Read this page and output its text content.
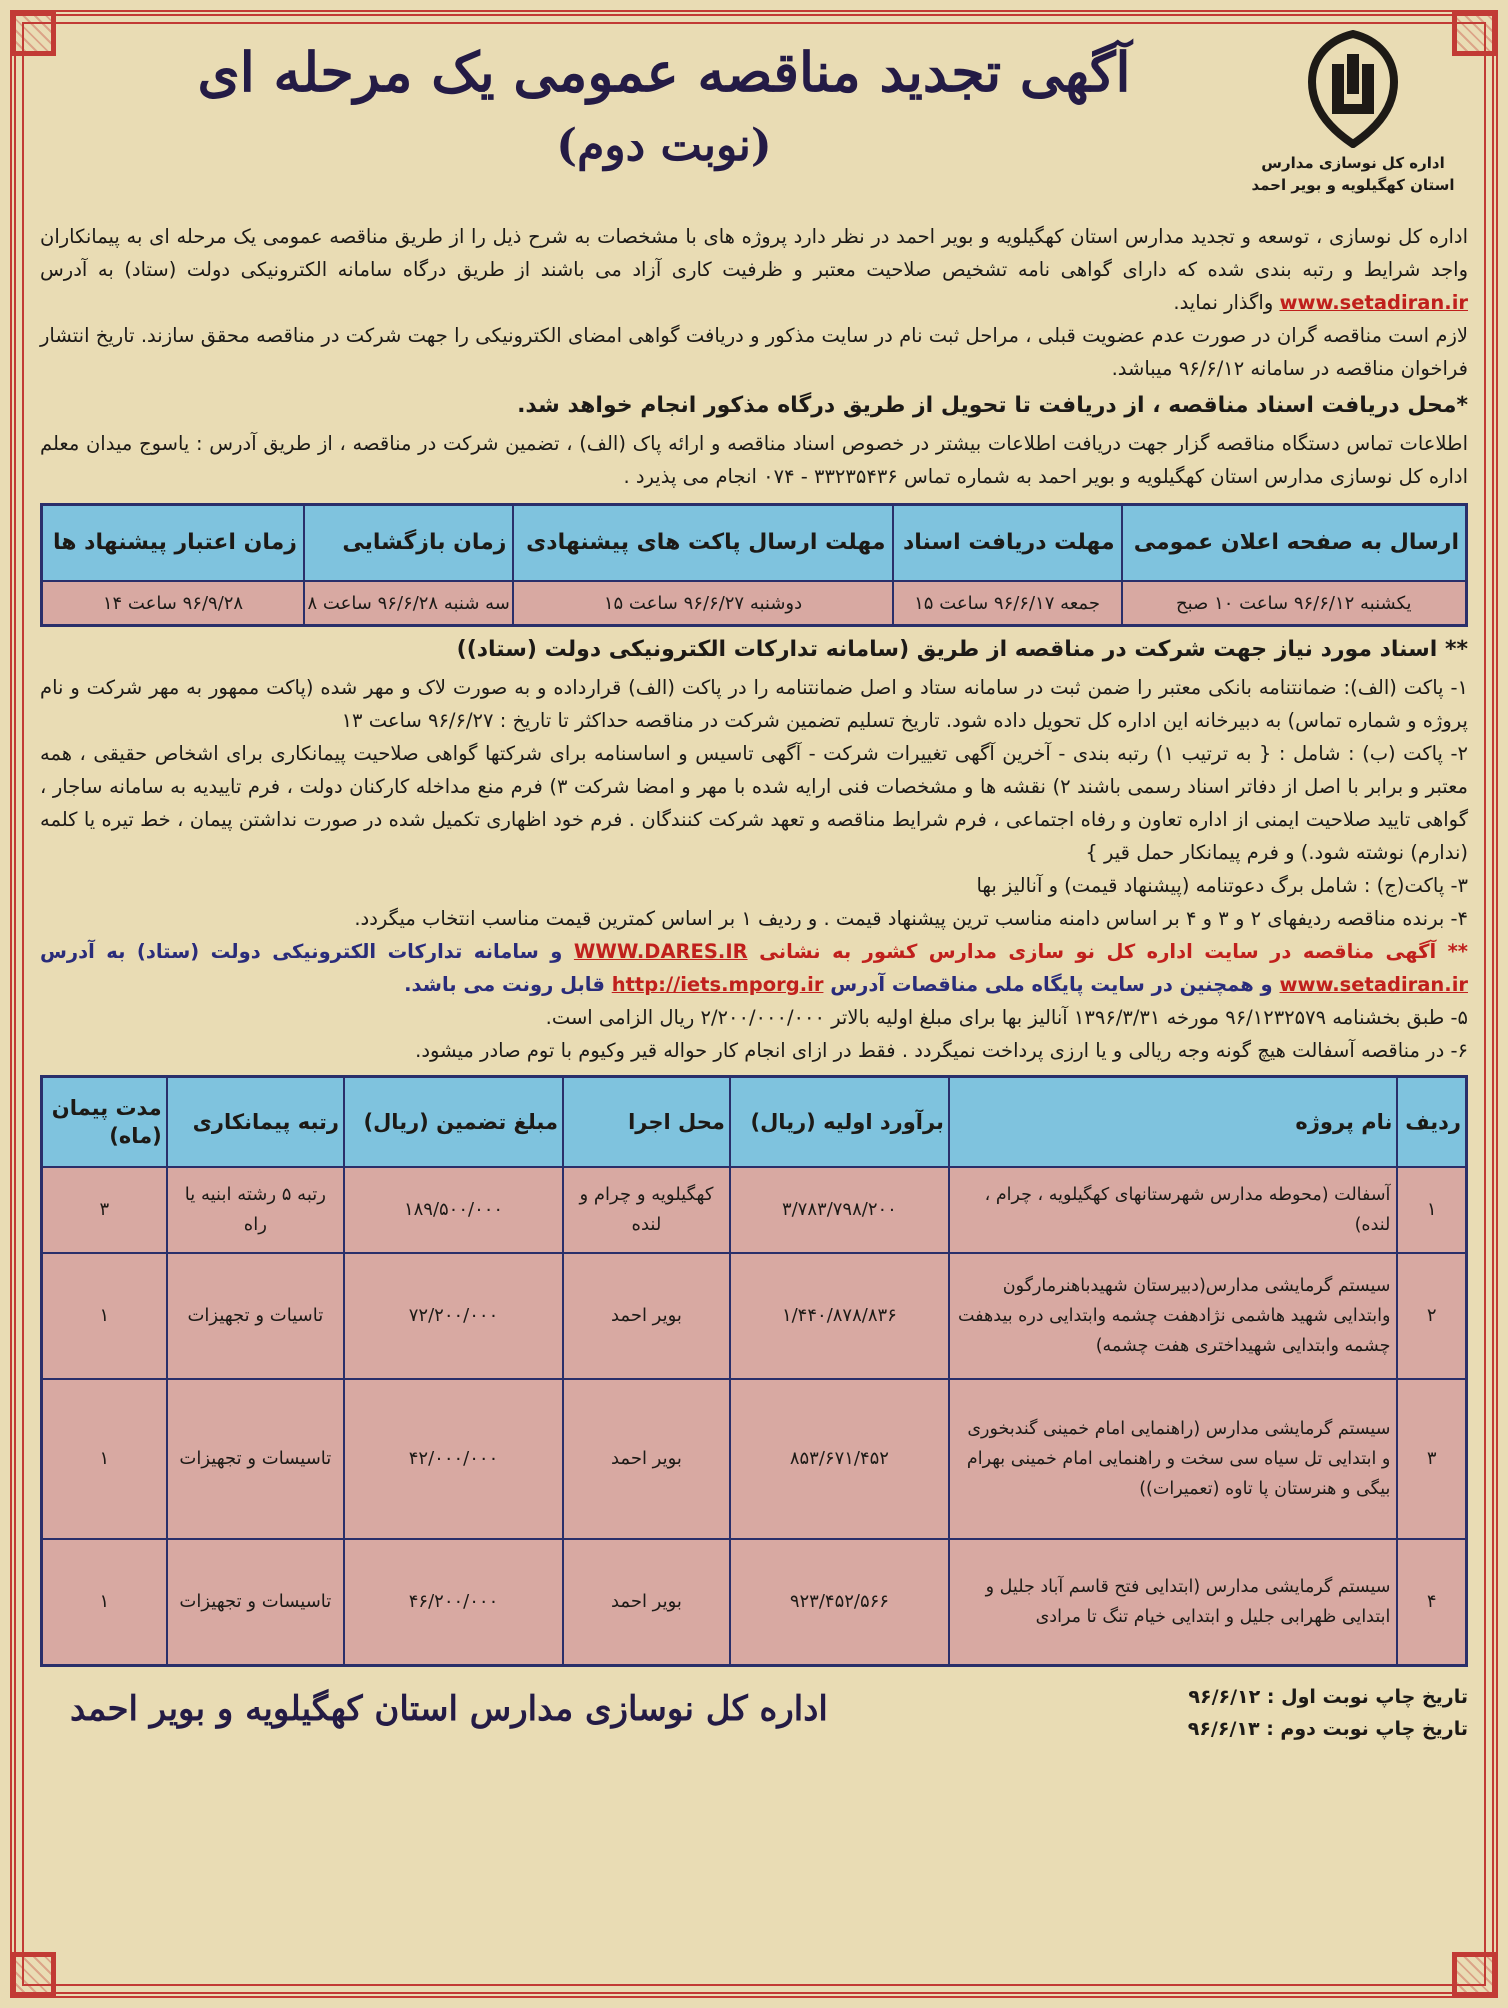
اداره کل نوسازی مدارس
استان کهگیلویه و بویر احمد
آگهی تجدید مناقصه عمومی یک مرحله ای
(نوبت دوم)

اداره کل نوسازی ، توسعه و تجدید مدارس استان کهگیلویه و بویر احمد در نظر دارد پروژه های با مشخصات به شرح ذیل را از طریق مناقصه عمومی یک مرحله ای به پیمانکاران واجد شرایط و رتبه بندی شده که دارای گواهی نامه تشخیص صلاحیت معتبر و ظرفیت کاری آزاد می باشند از طریق درگاه سامانه الکترونیکی دولت (ستاد) به آدرس www.setadiran.ir واگذار نماید.

لازم است مناقصه گران در صورت عدم عضویت قبلی ، مراحل ثبت نام در سایت مذکور و دریافت گواهی امضای الکترونیکی را جهت شرکت در مناقصه محقق سازند. تاریخ انتشار فراخوان مناقصه در سامانه ۹۶/۶/۱۲ میباشد.

*محل دریافت اسناد مناقصه ، از دریافت تا تحویل از طریق درگاه مذکور انجام خواهد شد.

اطلاعات تماس دستگاه مناقصه گزار جهت دریافت اطلاعات بیشتر در خصوص اسناد مناقصه و ارائه پاک (الف) ، تضمین شرکت در مناقصه ، از طریق آدرس : یاسوج میدان معلم اداره کل نوسازی مدارس استان کهگیلویه و بویر احمد به شماره تماس ۳۳۲۳۵۴۳۶ - ۰۷۴ انجام می پذیرد .

ارسال به صفحه اعلان عمومی	مهلت دریافت اسناد	مهلت ارسال پاکت های پیشنهادی	زمان بازگشایی	زمان اعتبار پیشنهاد ها
یکشنبه ۹۶/۶/۱۲ ساعت ۱۰ صبح	جمعه ۹۶/۶/۱۷ ساعت ۱۵	دوشنبه ۹۶/۶/۲۷ ساعت ۱۵	سه شنبه ۹۶/۶/۲۸ ساعت ۸	۹۶/۹/۲۸ ساعت ۱۴
** اسناد مورد نیاز جهت شرکت در مناقصه از طریق (سامانه تدارکات الکترونیکی دولت (ستاد))

۱- پاکت (الف): ضمانتنامه بانکی معتبر را ضمن ثبت در سامانه ستاد و اصل ضمانتنامه را در پاکت (الف) قرارداده و به صورت لاک و مهر شده (پاکت ممهور به مهر شرکت و نام پروژه و شماره تماس) به دبیرخانه این اداره کل تحویل داده شود. تاریخ تسلیم تضمین شرکت در مناقصه حداکثر تا تاریخ : ۹۶/۶/۲۷ ساعت ۱۳

۲- پاکت (ب) : شامل : { به ترتیب ۱) رتبه بندی - آخرین آگهی تغییرات شرکت - آگهی تاسیس و اساسنامه برای شرکتها گواهی صلاحیت پیمانکاری برای اشخاص حقیقی ، همه معتبر و برابر با اصل از دفاتر اسناد رسمی باشند ۲) نقشه ها و مشخصات فنی ارایه شده با مهر و امضا شرکت ۳) فرم منع مداخله کارکنان دولت ، فرم تاییدیه به سامانه ساجار ، گواهی تایید صلاحیت ایمنی از اداره تعاون و رفاه اجتماعی ، فرم شرایط مناقصه و تعهد شرکت کنندگان . فرم خود اظهاری تکمیل شده در صورت نداشتن پیمان ، خط تیره یا کلمه (ندارم) نوشته شود.) و فرم پیمانکار حمل قیر }

۳- پاکت(ج) : شامل برگ دعوتنامه (پیشنهاد قیمت) و آنالیز بها

۴- برنده مناقصه ردیفهای ۲ و ۳ و ۴ بر اساس دامنه مناسب ترین پیشنهاد قیمت . و ردیف ۱ بر اساس کمترین قیمت مناسب انتخاب میگردد.

** آگهی مناقصه در سایت اداره کل نو سازی مدارس کشور به نشانی WWW.DARES.IR و سامانه تدارکات الکترونیکی دولت (ستاد) به آدرس www.setadiran.ir و همچنین در سایت پایگاه ملی مناقصات آدرس http://iets.mporg.ir قابل رونت می باشد.

۵- طبق بخشنامه ۹۶/۱۲۳۲۵۷۹ مورخه ۱۳۹۶/۳/۳۱ آنالیز بها برای مبلغ اولیه بالاتر ۲/۲۰۰/۰۰۰/۰۰۰ ریال الزامی است.

۶- در مناقصه آسفالت هیچ گونه وجه ریالی و یا ارزی پرداخت نمیگردد . فقط در ازای انجام کار حواله قیر وکیوم با توم صادر میشود.

ردیف	نام پروژه	برآورد اولیه (ریال)	محل اجرا	مبلغ تضمین (ریال)	رتبه پیمانکاری	مدت پیمان (ماه)
۱	آسفالت (محوطه مدارس شهرستانهای کهگیلویه ، چرام ، لنده)	۳/۷۸۳/۷۹۸/۲۰۰	کهگیلویه و چرام و لنده	۱۸۹/۵۰۰/۰۰۰	رتبه ۵ رشته ابنیه یا راه	۳
۲	سیستم گرمایشی مدارس(دبیرستان شهیدباهنرمارگون وابتدایی شهید هاشمی نژادهفت چشمه وابتدایی دره بیدهفت چشمه وابتدایی شهیداختری هفت چشمه)	۱/۴۴۰/۸۷۸/۸۳۶	بویر احمد	۷۲/۲۰۰/۰۰۰	تاسیات و تجهیزات	۱
۳	سیستم گرمایشی مدارس (راهنمایی امام خمینی گندبخوری و ابتدایی تل سیاه سی سخت و راهنمایی امام خمینی بهرام بیگی و هنرستان پا تاوه (تعمیرات))	۸۵۳/۶۷۱/۴۵۲	بویر احمد	۴۲/۰۰۰/۰۰۰	تاسیسات و تجهیزات	۱
۴	سیستم گرمایشی مدارس (ابتدایی فتح قاسم آباد جلیل و ابتدایی ظهرابی جلیل و ابتدایی خیام تنگ تا مرادی	۹۲۳/۴۵۲/۵۶۶	بویر احمد	۴۶/۲۰۰/۰۰۰	تاسیسات و تجهیزات	۱
تاریخ چاپ نوبت اول : ۹۶/۶/۱۲
تاریخ چاپ نوبت دوم : ۹۶/۶/۱۳
اداره کل نوسازی مدارس استان کهگیلویه و بویر احمد
